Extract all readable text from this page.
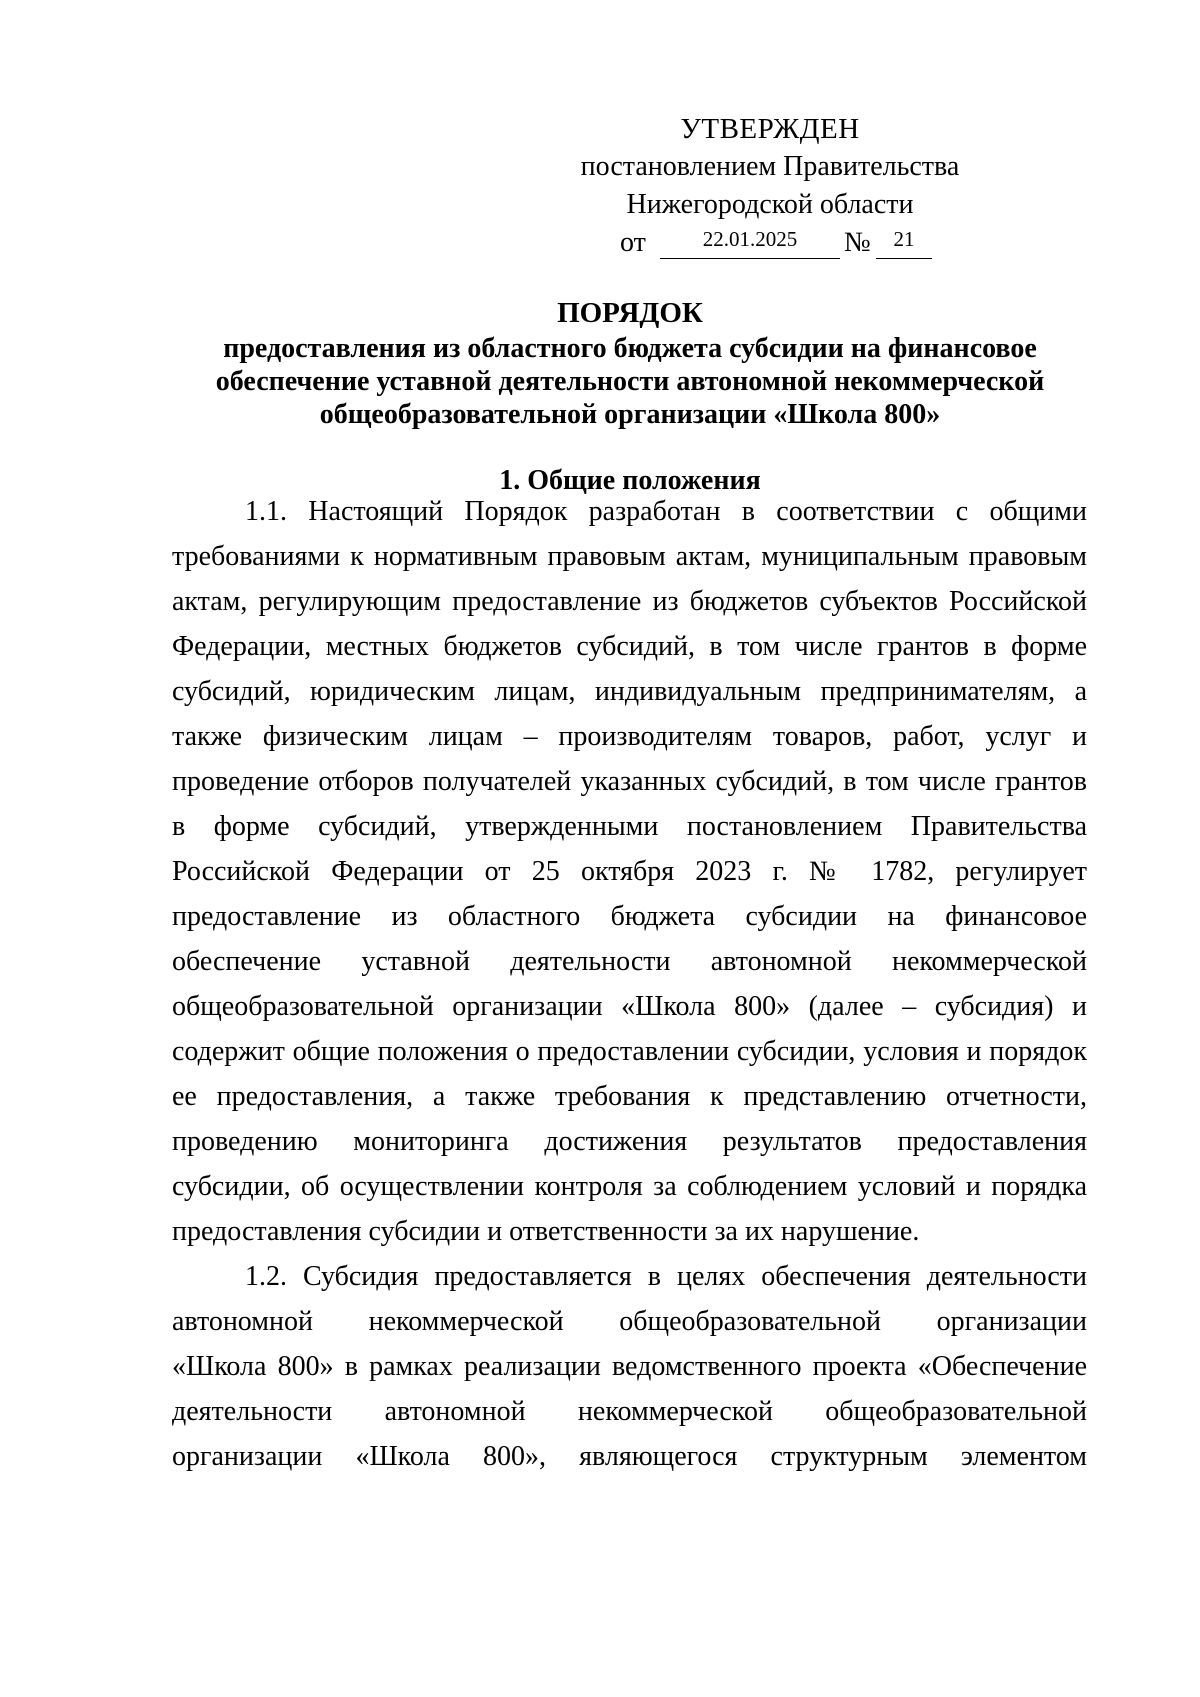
УТВЕРЖДЕН
постановлением Правительства
Нижегородской области
от	22.01.2025	№	21
ПОРЯДОК
предоставления из областного бюджета субсидии на финансовое
обеспечение уставной деятельности автономной некоммерческой
общеобразовательной организации «Школа 800»
1. Общие положения
1.1. Настоящий Порядок разработан в соответствии с общими
требованиями к нормативным правовым актам, муниципальным правовым
актам, регулирующим предоставление из бюджетов субъектов Российской
Федерации, местных бюджетов субсидий, в том числе грантов в форме
субсидий, юридическим лицам, индивидуальным предпринимателям, а
также физическим лицам – производителям товаров, работ, услуг и
проведение отборов получателей указанных субсидий, в том числе грантов
в форме субсидий, утвержденными постановлением Правительства
Российской Федерации от 25 октября 2023 г. № 1782, регулирует
предоставление из областного бюджета субсидии на финансовое
обеспечение уставной деятельности автономной некоммерческой
общеобразовательной организации «Школа 800» (далее – субсидия) и
содержит общие положения о предоставлении субсидии, условия и порядок
ее предоставления, а также требования к представлению отчетности,
проведению мониторинга достижения результатов предоставления
субсидии, об осуществлении контроля за соблюдением условий и порядка
предоставления субсидии и ответственности за их нарушение.
1.2. Субсидия предоставляется в целях обеспечения деятельности
автономной некоммерческой общеобразовательной организации
«Школа 800» в рамках реализации ведомственного проекта «Обеспечение
деятельности автономной некоммерческой общеобразовательной
организации «Школа 800», являющегося структурным элементом
